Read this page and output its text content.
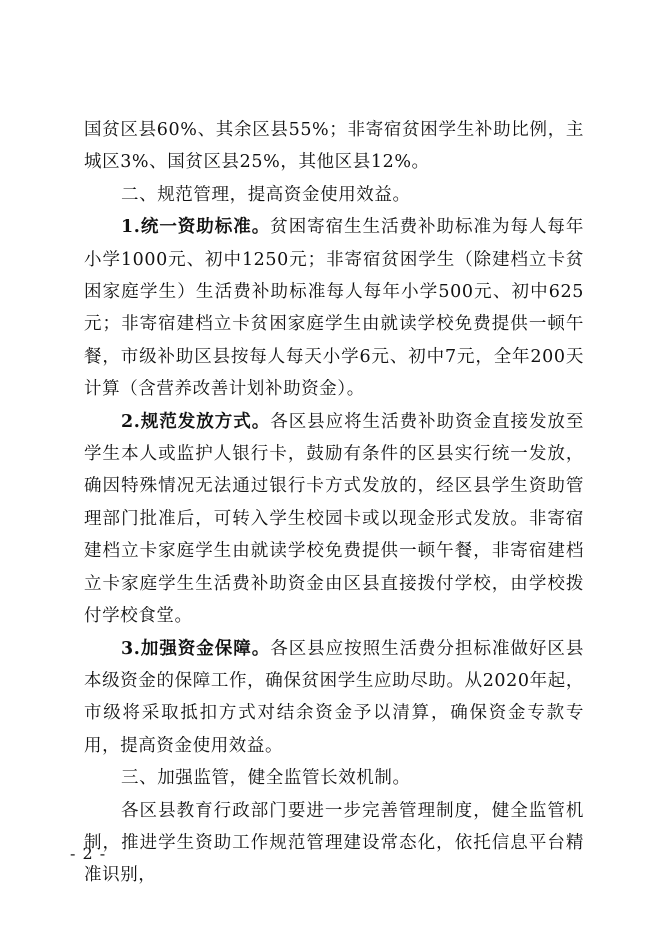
国贫区县60%、其余区县55%；非寄宿贫困学生补助比例，主城区3%、国贫区县25%，其他区县12%。

二、规范管理，提高资金使用效益。

1.统一资助标准。贫困寄宿生生活费补助标准为每人每年小学1000元、初中1250元；非寄宿贫困学生（除建档立卡贫困家庭学生）生活费补助标准每人每年小学500元、初中625元；非寄宿建档立卡贫困家庭学生由就读学校免费提供一顿午餐，市级补助区县按每人每天小学6元、初中7元，全年200天计算（含营养改善计划补助资金）。

2.规范发放方式。各区县应将生活费补助资金直接发放至学生本人或监护人银行卡，鼓励有条件的区县实行统一发放，确因特殊情况无法通过银行卡方式发放的，经区县学生资助管理部门批准后，可转入学生校园卡或以现金形式发放。非寄宿建档立卡家庭学生由就读学校免费提供一顿午餐，非寄宿建档立卡家庭学生生活费补助资金由区县直接拨付学校，由学校拨付学校食堂。

3.加强资金保障。各区县应按照生活费分担标准做好区县本级资金的保障工作，确保贫困学生应助尽助。从2020年起，市级将采取抵扣方式对结余资金予以清算，确保资金专款专用，提高资金使用效益。

三、加强监管，健全监管长效机制。

各区县教育行政部门要进一步完善管理制度，健全监管机制，推进学生资助工作规范管理建设常态化，依托信息平台精准识别，

- 2 -
